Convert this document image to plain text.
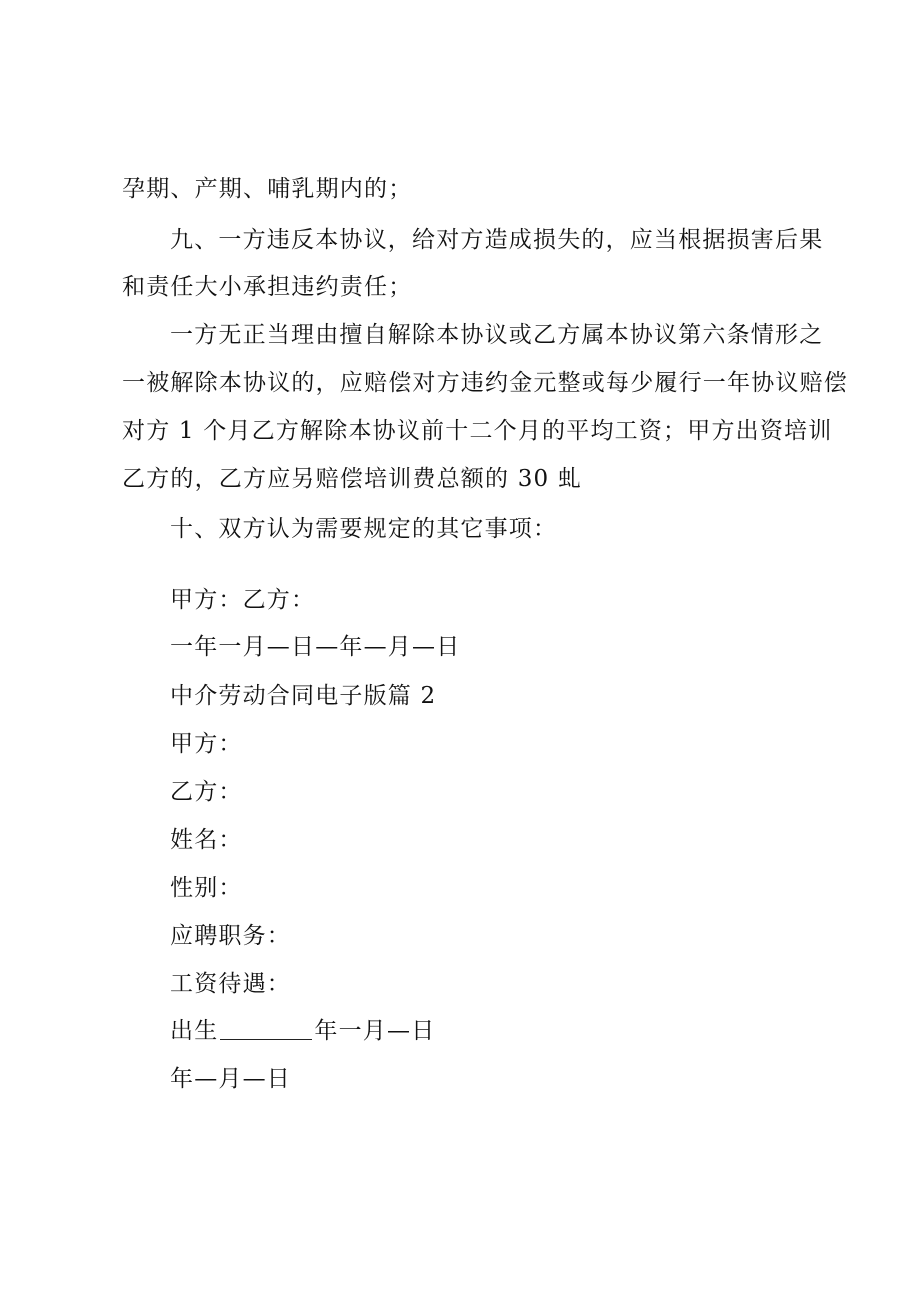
孕期、产期、哺乳期内的；
九、一方违反本协议，给对方造成损失的，应当根据损害后果
和责任大小承担违约责任；
一方无正当理由擅自解除本协议或乙方属本协议第六条情形之
一被解除本协议的，应赔偿对方违约金元整或每少履行一年协议赔偿
对方 1 个月乙方解除本协议前十二个月的平均工资；甲方出资培训
乙方的，乙方应另赔偿培训费总额的 30 虬
十、双方认为需要规定的其它事项：
甲方：乙方：
一年一月—日—年—月—日
中介劳动合同电子版篇 2
甲方：
乙方：
姓名：
性别：
应聘职务：
工资待遇：
出生	年一月—日
年—月—日
